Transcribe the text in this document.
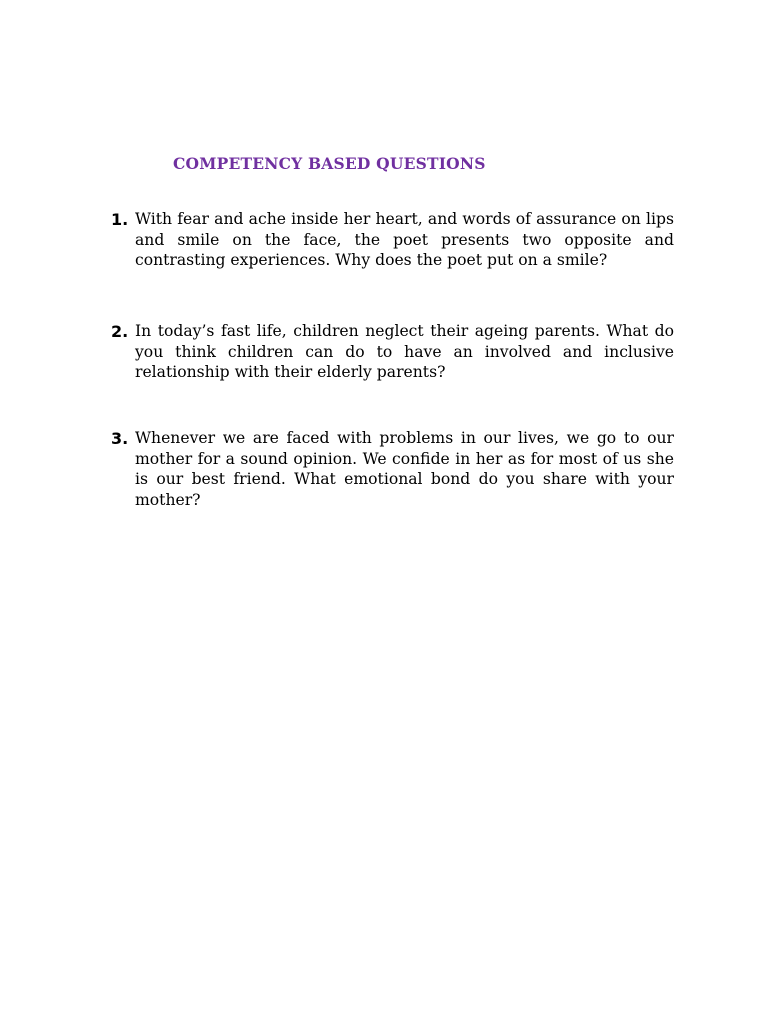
COMPETENCY BASED QUESTIONS
1. With fear and ache inside her heart, and words of assurance on lips and smile on the face, the poet presents two opposite and contrasting experiences. Why does the poet put on a smile?
2. In today’s fast life, children neglect their ageing parents. What do you think children can do to have an involved and inclusive relationship with their elderly parents?
3. Whenever we are faced with problems in our lives, we go to our mother for a sound opinion. We confide in her as for most of us she is our best friend. What emotional bond do you share with your mother?
